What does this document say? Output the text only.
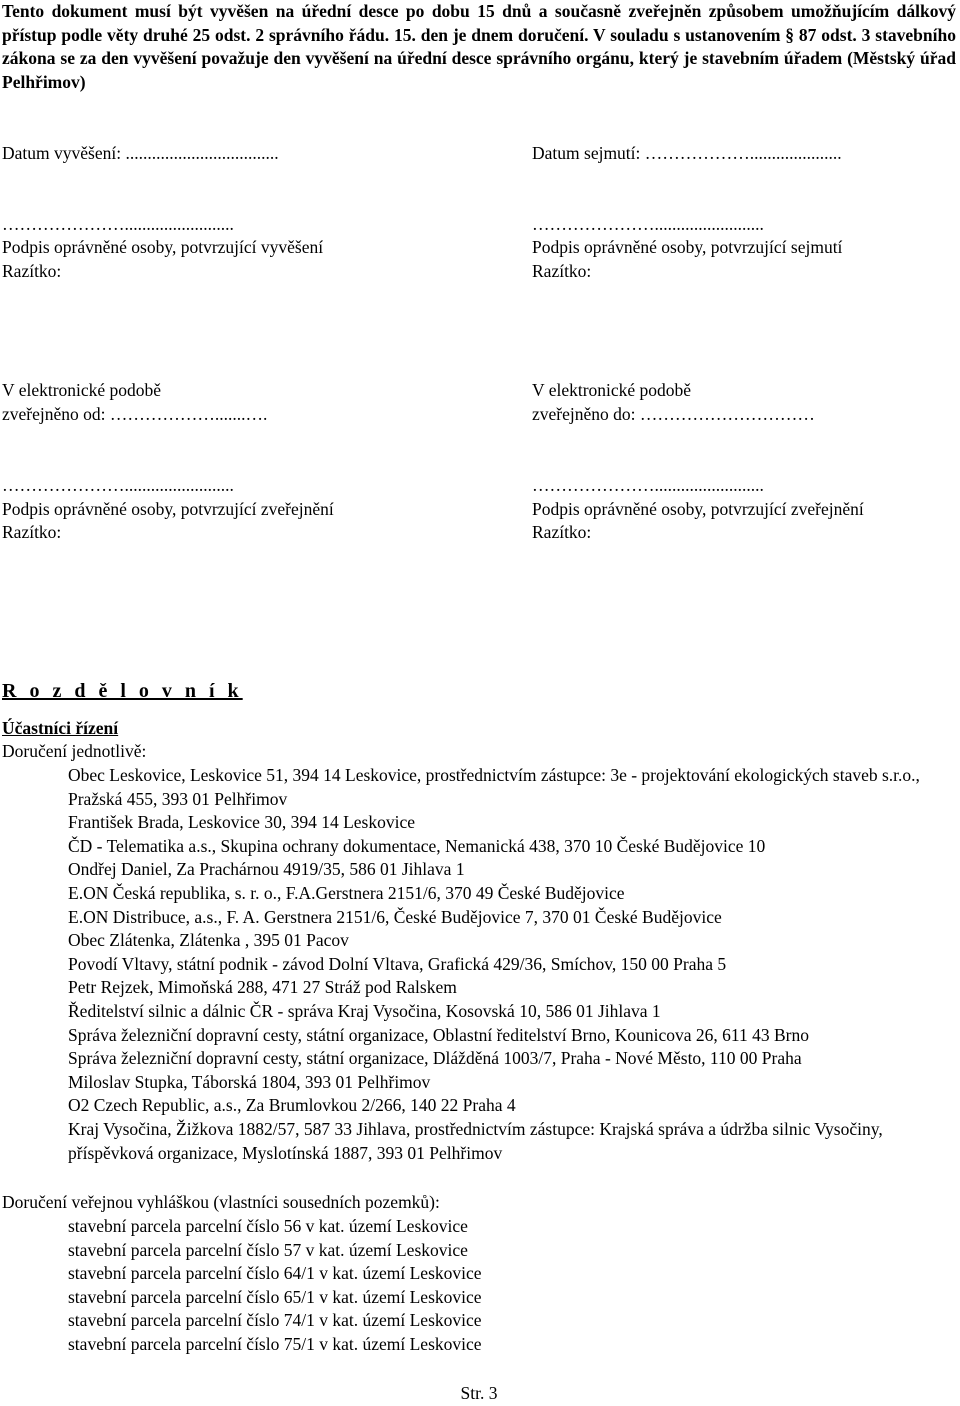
Tento dokument musí být vyvěšen na úřední desce po dobu 15 dnů a současně zveřejněn způsobem umožňujícím dálkový přístup podle věty druhé 25 odst. 2 správního řádu. 15. den je dnem doručení. V souladu s ustanovením § 87 odst. 3 stavebního zákona se za den vyvěšení považuje den vyvěšení na úřední desce správního orgánu, který je stavebním úřadem (Městský úřad Pelhřimov)

Datum vyvěšení: ...................................
………………….........................
Podpis oprávněné osoby, potvrzující vyvěšení
Razítko:
Datum sejmutí: ……………….....................
………………….........................
Podpis oprávněné osoby, potvrzující sejmutí
Razítko:
V elektronické podobě
zveřejněno od: ……………….......….
………………….........................
Podpis oprávněné osoby, potvrzující zveřejnění
Razítko:
V elektronické podobě
zveřejněno do: …………………………
………………….........................
Podpis oprávněné osoby, potvrzující zveřejnění
Razítko:
R o z d ě l o v n í k
Účastníci řízení
Doručení jednotlivě:
Obec Leskovice, Leskovice 51, 394 14 Leskovice, prostřednictvím zástupce: 3e - projektování ekologických staveb s.r.o., Pražská 455, 393 01 Pelhřimov
František Brada, Leskovice 30, 394 14 Leskovice
ČD - Telematika a.s., Skupina ochrany dokumentace, Nemanická 438, 370 10 České Budějovice 10
Ondřej Daniel, Za Prachárnou 4919/35, 586 01 Jihlava 1
E.ON Česká republika, s. r. o., F.A.Gerstnera 2151/6, 370 49 České Budějovice
E.ON Distribuce, a.s., F. A. Gerstnera 2151/6, České Budějovice 7, 370 01 České Budějovice
Obec Zlátenka, Zlátenka , 395 01 Pacov
Povodí Vltavy, státní podnik - závod Dolní Vltava, Grafická 429/36, Smíchov, 150 00 Praha 5
Petr Rejzek, Mimoňská 288, 471 27 Stráž pod Ralskem
Ředitelství silnic a dálnic ČR - správa Kraj Vysočina, Kosovská 10, 586 01 Jihlava 1
Správa železniční dopravní cesty, státní organizace, Oblastní ředitelství Brno, Kounicova 26, 611 43 Brno
Správa železniční dopravní cesty, státní organizace, Dlážděná 1003/7, Praha - Nové Město, 110 00 Praha
Miloslav Stupka, Táborská 1804, 393 01 Pelhřimov
O2 Czech Republic, a.s., Za Brumlovkou 2/266, 140 22 Praha 4
Kraj Vysočina, Žižkova 1882/57, 587 33 Jihlava, prostřednictvím zástupce: Krajská správa a údržba silnic Vysočiny, příspěvková organizace, Myslotínská 1887, 393 01 Pelhřimov
Doručení veřejnou vyhláškou (vlastníci sousedních pozemků):
stavební parcela parcelní číslo 56 v kat. území Leskovice
stavební parcela parcelní číslo 57 v kat. území Leskovice
stavební parcela parcelní číslo 64/1 v kat. území Leskovice
stavební parcela parcelní číslo 65/1 v kat. území Leskovice
stavební parcela parcelní číslo 74/1 v kat. území Leskovice
stavební parcela parcelní číslo 75/1 v kat. území Leskovice
Str. 3
